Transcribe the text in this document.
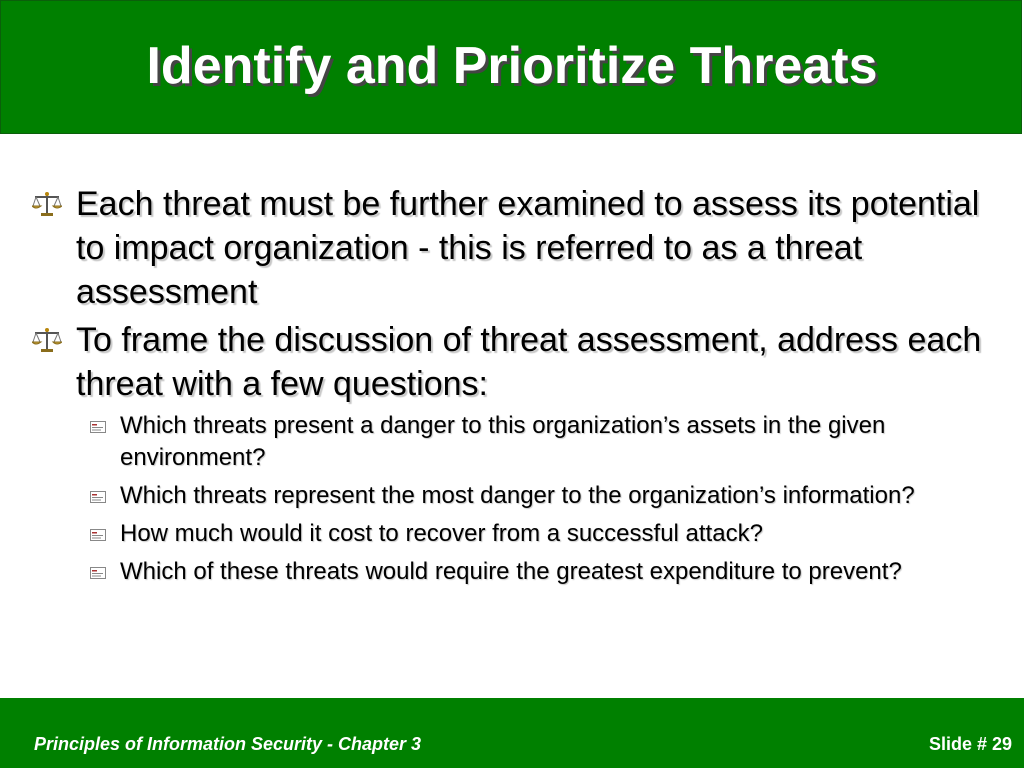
Identify and Prioritize Threats
Each threat must be further examined to assess its potential to impact organization - this is referred to as a threat assessment
To frame the discussion of threat assessment, address each threat with a few questions:
Which threats present a danger to this organization’s assets in the given environment?
Which threats represent the most danger to the organization’s information?
How much would it cost to recover from a successful attack?
Which of these threats would require the greatest expenditure to prevent?
Principles of Information Security - Chapter 3	Slide # 29
